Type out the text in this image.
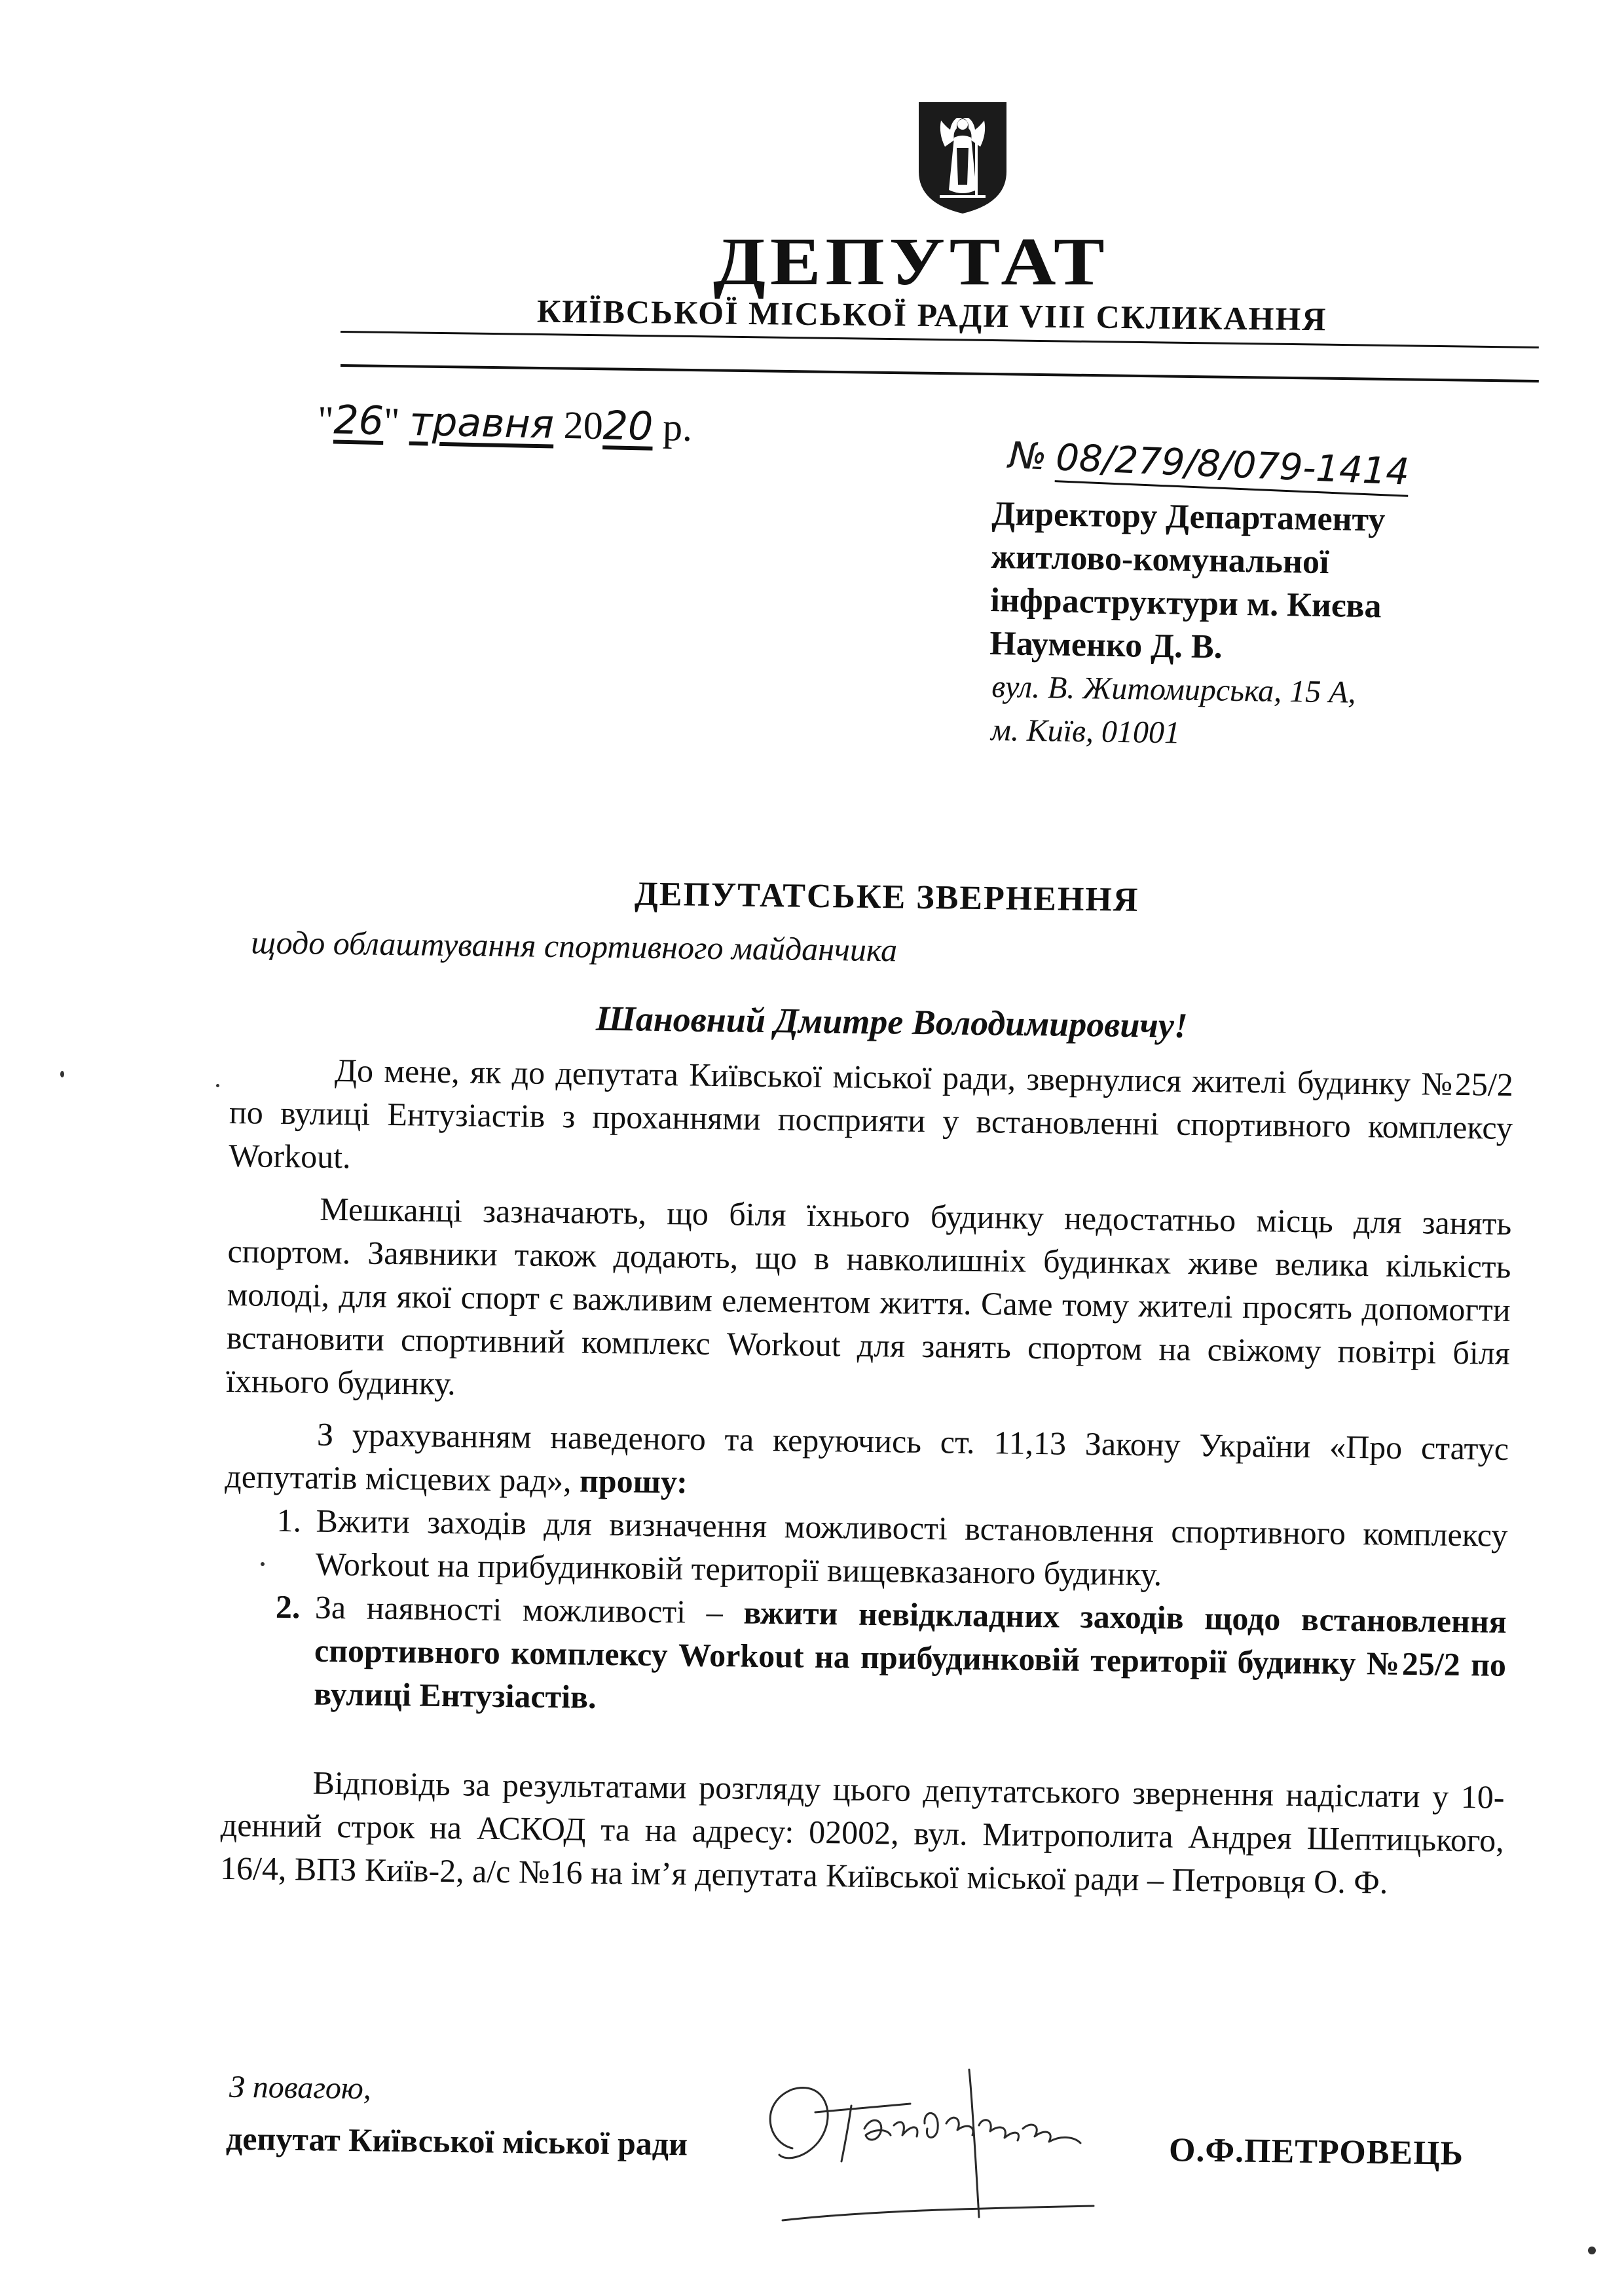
ДЕПУТАТ
КИЇВСЬКОЇ МІСЬКОЇ РАДИ VIII СКЛИКАННЯ
"26" травня 2020 р.
№ 08/279/8/079-1414
Директору Департаменту
житлово-комунальної
інфраструктури м. Києва
Науменко Д. В.
вул. В. Житомирська, 15 А,
м. Київ, 01001
ДЕПУТАТСЬКЕ ЗВЕРНЕННЯ
щодо облаштування спортивного майданчика
Шановний Дмитре Володимировичу!

До мене, як до депутата Київської міської ради, звернулися жителі будинку №25/2 по вулиці Ентузіастів з проханнями посприяти у встановленні спортивного комплексу Workout.

Мешканці зазначають, що біля їхнього будинку недостатньо місць для занять спортом. Заявники також додають, що в навколишніх будинках живе велика кількість молоді, для якої спорт є важливим елементом життя. Саме тому жителі просять допомогти встановити спортивний комплекс Workout для занять спортом на свіжому повітрі біля їхнього будинку.

З урахуванням наведеного та керуючись ст. 11,13 Закону України «Про статус депутатів місцевих рад», прошу:

1. Вжити заходів для визначення можливості встановлення спортивного комплексу Workout на прибудинковій території вищевказаного будинку.
2. За наявності можливості – вжити невідкладних заходів щодо встановлення спортивного комплексу Workout на прибудинковій території будинку №25/2 по вулиці Ентузіастів.

Відповідь за результатами розгляду цього депутатського звернення надіслати у 10-денний строк на АСКОД та на адресу: 02002, вул. Митрополита Андрея Шептицького, 16/4, ВПЗ Київ-2, а/с №16 на ім’я депутата Київської міської ради – Петровця О. Ф.

З повагою,
депутат Київської міської ради	О.Ф.ПЕТРОВЕЦЬ
